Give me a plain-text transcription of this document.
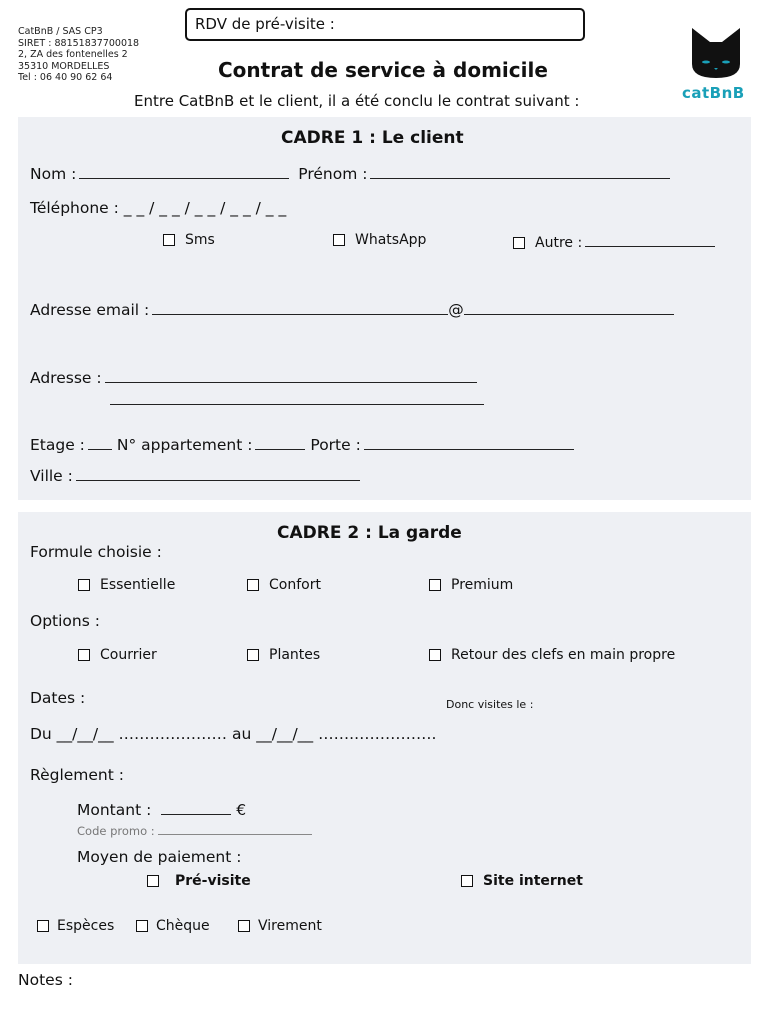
CatBnB / SAS CP3
SIRET : 88151837700018
2, ZA des fontenelles 2
35310 MORDELLES
Tel : 06 40 90 62 64
RDV de pré-visite :
Contrat de service à domicile
Entre CatBnB et le client, il a été conclu le contrat suivant :	catBnB
CADRE 1 : Le client
Nom :	Prénom :
Téléphone : _ _ / _ _ / _ _ / _ _ / _ _
Sms	WhatsApp	Autre :
Adresse email :	@
Adresse :
Etage : N° appartement :	Porte :
Ville :
CADRE 2 : La garde
Formule choisie :
Essentielle	Confort	Premium
Options :
Courrier	Plantes	Retour des clefs en main propre
Dates :	Donc visites le :
Du __/__/__ ………………… au __/__/__ …….…………….
Règlement :
Montant :	€
Code promo :
Moyen de paiement :
Pré-visite	Site internet
Espèces	Chèque	Virement
Notes :
